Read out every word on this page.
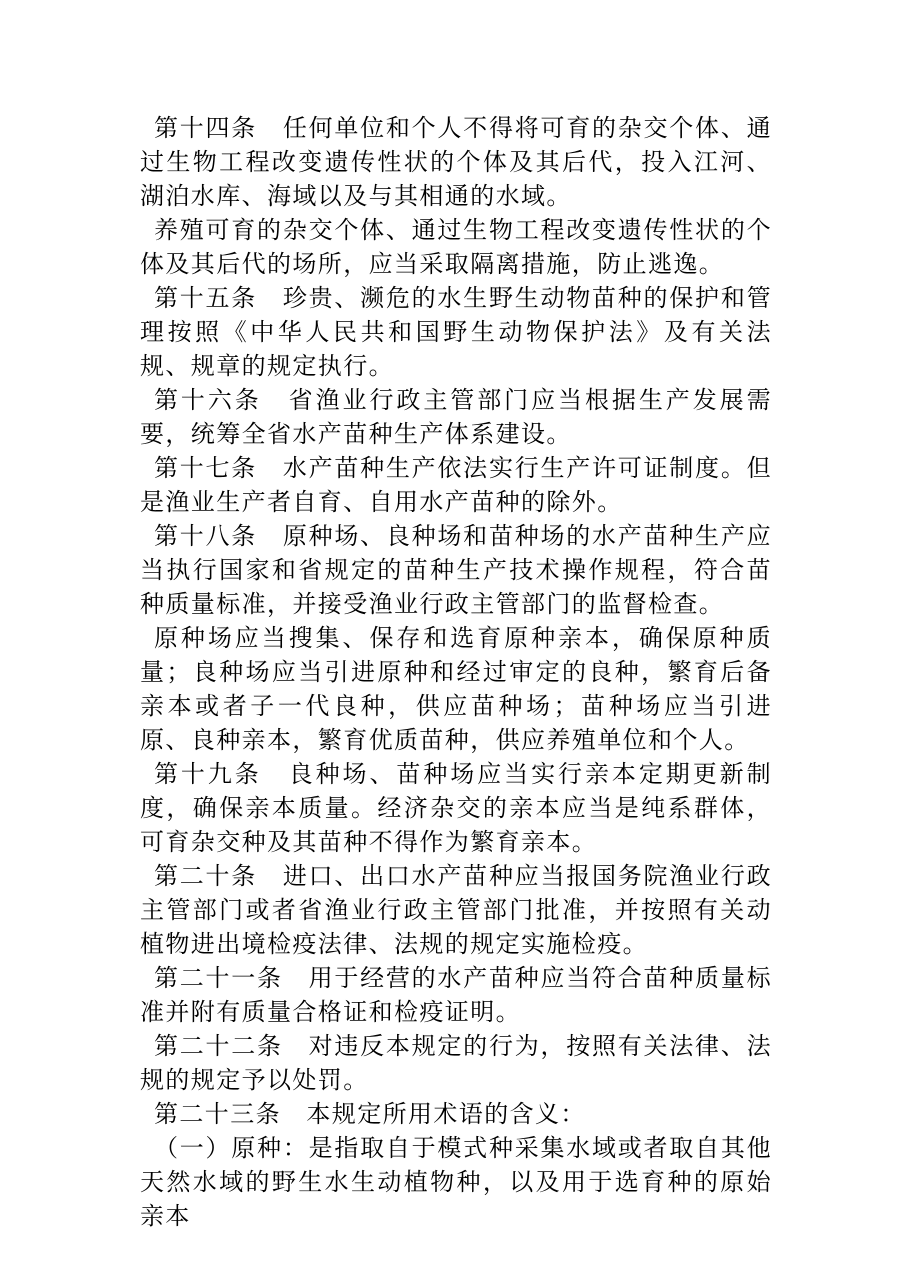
第十四条　任何单位和个人不得将可育的杂交个体、通过生物工程改变遗传性状的个体及其后代，投入江河、湖泊水库、海域以及与其相通的水域。

养殖可育的杂交个体、通过生物工程改变遗传性状的个体及其后代的场所，应当采取隔离措施，防止逃逸。

第十五条　珍贵、濒危的水生野生动物苗种的保护和管理按照《中华人民共和国野生动物保护法》及有关法规、规章的规定执行。

第十六条　省渔业行政主管部门应当根据生产发展需要，统筹全省水产苗种生产体系建设。

第十七条　水产苗种生产依法实行生产许可证制度。但是渔业生产者自育、自用水产苗种的除外。

第十八条　原种场、良种场和苗种场的水产苗种生产应当执行国家和省规定的苗种生产技术操作规程，符合苗种质量标准，并接受渔业行政主管部门的监督检查。

原种场应当搜集、保存和选育原种亲本，确保原种质量；良种场应当引进原种和经过审定的良种，繁育后备亲本或者子一代良种，供应苗种场；苗种场应当引进原、良种亲本，繁育优质苗种，供应养殖单位和个人。

第十九条　良种场、苗种场应当实行亲本定期更新制度，确保亲本质量。经济杂交的亲本应当是纯系群体，可育杂交种及其苗种不得作为繁育亲本。

第二十条　进口、出口水产苗种应当报国务院渔业行政主管部门或者省渔业行政主管部门批准，并按照有关动植物进出境检疫法律、法规的规定实施检疫。

第二十一条　用于经营的水产苗种应当符合苗种质量标准并附有质量合格证和检疫证明。

第二十二条　对违反本规定的行为，按照有关法律、法规的规定予以处罚。

第二十三条　本规定所用术语的含义：

（一）原种：是指取自于模式种采集水域或者取自其他天然水域的野生水生动植物种，以及用于选育种的原始亲本
